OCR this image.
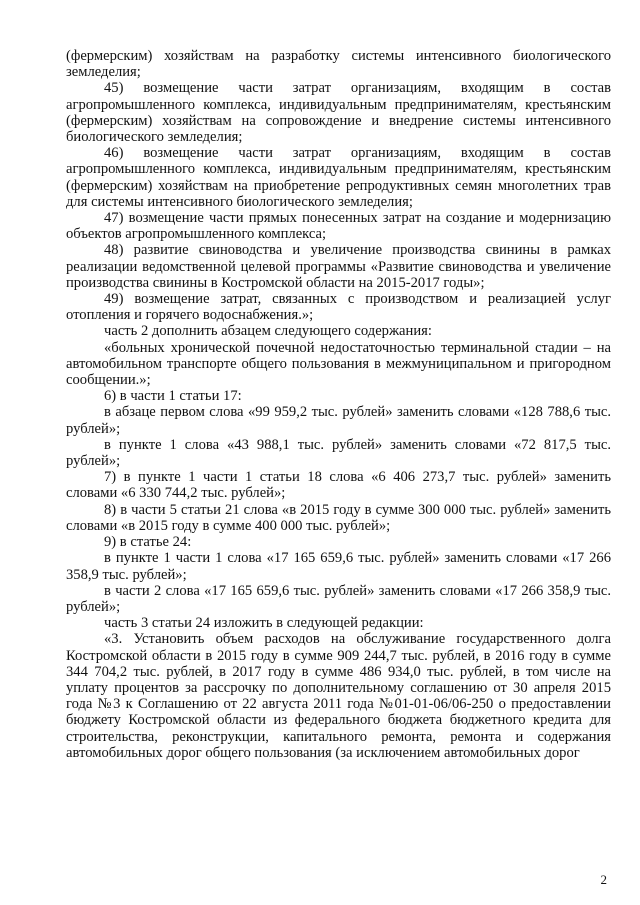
(фермерским) хозяйствам на разработку системы интенсивного биологического земледелия;

45) возмещение части затрат организациям, входящим в состав агропромышленного комплекса, индивидуальным предпринимателям, крестьянским (фермерским) хозяйствам на сопровождение и внедрение системы интенсивного биологического земледелия;

46) возмещение части затрат организациям, входящим в состав агропромышленного комплекса, индивидуальным предпринимателям, крестьянским (фермерским) хозяйствам на приобретение репродуктивных семян многолетних трав для системы интенсивного биологического земледелия;

47) возмещение части прямых понесенных затрат на создание и модернизацию объектов агропромышленного комплекса;

48) развитие свиноводства и увеличение производства свинины в рамках реализации ведомственной целевой программы «Развитие свиноводства и увеличение производства свинины в Костромской области на 2015-2017 годы»;

49) возмещение затрат, связанных с производством и реализацией услуг отопления и горячего водоснабжения.»;

часть 2 дополнить абзацем следующего содержания:

«больных хронической почечной недостаточностью терминальной стадии – на автомобильном транспорте общего пользования в межмуниципальном и пригородном сообщении.»;

6) в части 1 статьи 17:

в абзаце первом слова «99 959,2 тыс. рублей» заменить словами «128 788,6 тыс. рублей»;

в пункте 1 слова «43 988,1 тыс. рублей» заменить словами «72 817,5 тыс. рублей»;

7) в пункте 1 части 1 статьи 18 слова «6 406 273,7 тыс. рублей» заменить словами «6 330 744,2 тыс. рублей»;

8) в части 5 статьи 21 слова «в 2015 году в сумме 300 000 тыс. рублей» заменить словами «в 2015 году в сумме 400 000 тыс. рублей»;

9) в статье 24:

в пункте 1 части 1 слова «17 165 659,6 тыс. рублей» заменить словами «17 266 358,9 тыс. рублей»;

в части 2 слова «17 165 659,6 тыс. рублей» заменить словами «17 266 358,9 тыс. рублей»;

часть 3 статьи 24 изложить в следующей редакции:

«3. Установить объем расходов на обслуживание государственного долга Костромской области в 2015 году в сумме 909 244,7 тыс. рублей, в 2016 году в сумме 344 704,2 тыс. рублей, в 2017 году в сумме 486 934,0 тыс. рублей, в том числе на уплату процентов за рассрочку по дополнительному соглашению от 30 апреля 2015 года №3 к Соглашению от 22 августа 2011 года №01-01-06/06-250 о предоставлении бюджету Костромской области из федерального бюджета бюджетного кредита для строительства, реконструкции, капитального ремонта, ремонта и содержания автомобильных дорог общего пользования (за исключением автомобильных дорог

2
